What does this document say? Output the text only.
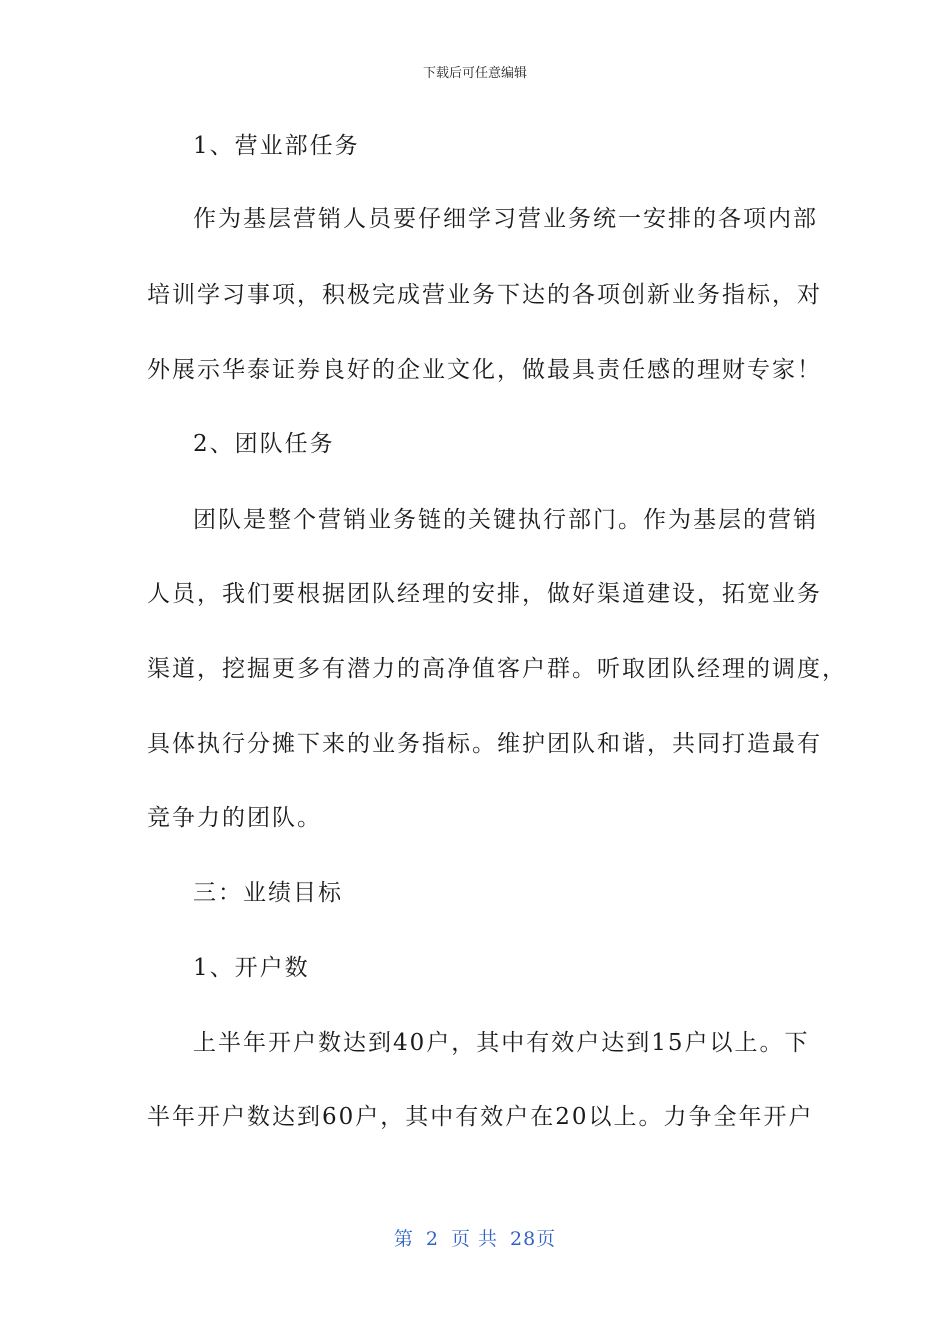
下载后可任意编辑
1、营业部任务
作为基层营销人员要仔细学习营业务统一安排的各项内部
培训学习事项，积极完成营业务下达的各项创新业务指标，对
外展示华泰证券良好的企业文化，做最具责任感的理财专家！
2、团队任务
团队是整个营销业务链的关键执行部门。作为基层的营销
人员，我们要根据团队经理的安排，做好渠道建设，拓宽业务
渠道，挖掘更多有潜力的高净值客户群。听取团队经理的调度，
具体执行分摊下来的业务指标。维护团队和谐，共同打造最有
竞争力的团队。
三：业绩目标
1、开户数
上半年开户数达到40户，其中有效户达到15户以上。下
半年开户数达到60户，其中有效户在20以上。力争全年开户
第 2 页 共 28页
